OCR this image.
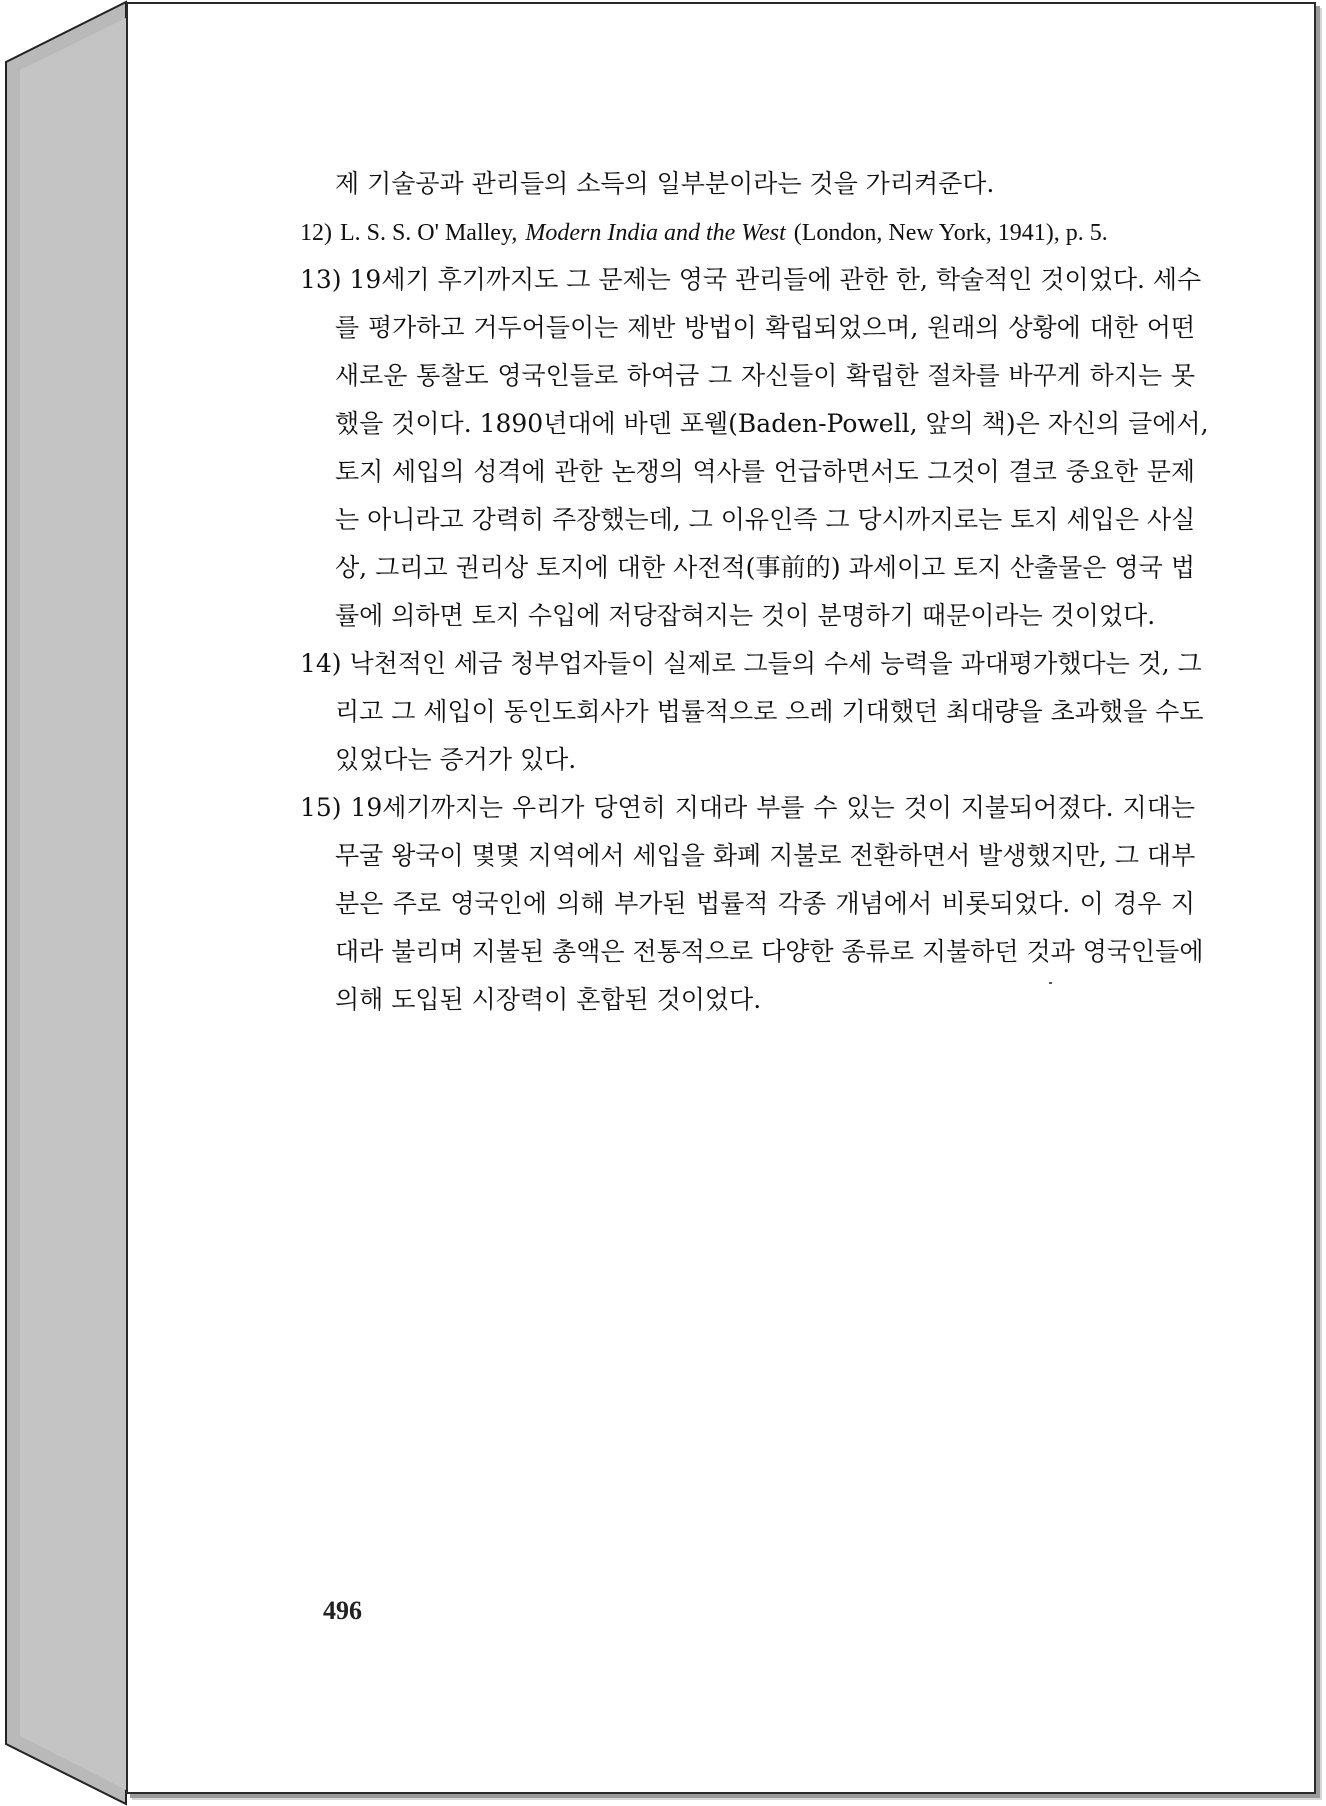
제 기술공과 관리들의 소득의 일부분이라는 것을 가리켜준다.
12) L. S. S. O' Malley, Modern India and the West (London, New York, 1941), p. 5.
13) 19세기 후기까지도 그 문제는 영국 관리들에 관한 한, 학술적인 것이었다. 세수
를 평가하고 거두어들이는 제반 방법이 확립되었으며, 원래의 상황에 대한 어떤
새로운 통찰도 영국인들로 하여금 그 자신들이 확립한 절차를 바꾸게 하지는 못
했을 것이다. 1890년대에 바덴 포웰(Baden-Powell, 앞의 책)은 자신의 글에서,
토지 세입의 성격에 관한 논쟁의 역사를 언급하면서도 그것이 결코 중요한 문제
는 아니라고 강력히 주장했는데, 그 이유인즉 그 당시까지로는 토지 세입은 사실
상, 그리고 권리상 토지에 대한 사전적(事前的) 과세이고 토지 산출물은 영국 법
률에 의하면 토지 수입에 저당잡혀지는 것이 분명하기 때문이라는 것이었다.
14) 낙천적인 세금 청부업자들이 실제로 그들의 수세 능력을 과대평가했다는 것, 그
리고 그 세입이 동인도회사가 법률적으로 으레 기대했던 최대량을 초과했을 수도
있었다는 증거가 있다.
15) 19세기까지는 우리가 당연히 지대라 부를 수 있는 것이 지불되어졌다. 지대는
무굴 왕국이 몇몇 지역에서 세입을 화폐 지불로 전환하면서 발생했지만, 그 대부
분은 주로 영국인에 의해 부가된 법률적 각종 개념에서 비롯되었다. 이 경우 지
대라 불리며 지불된 총액은 전통적으로 다양한 종류로 지불하던 것과 영국인들에
의해 도입된 시장력이 혼합된 것이었다.
496
